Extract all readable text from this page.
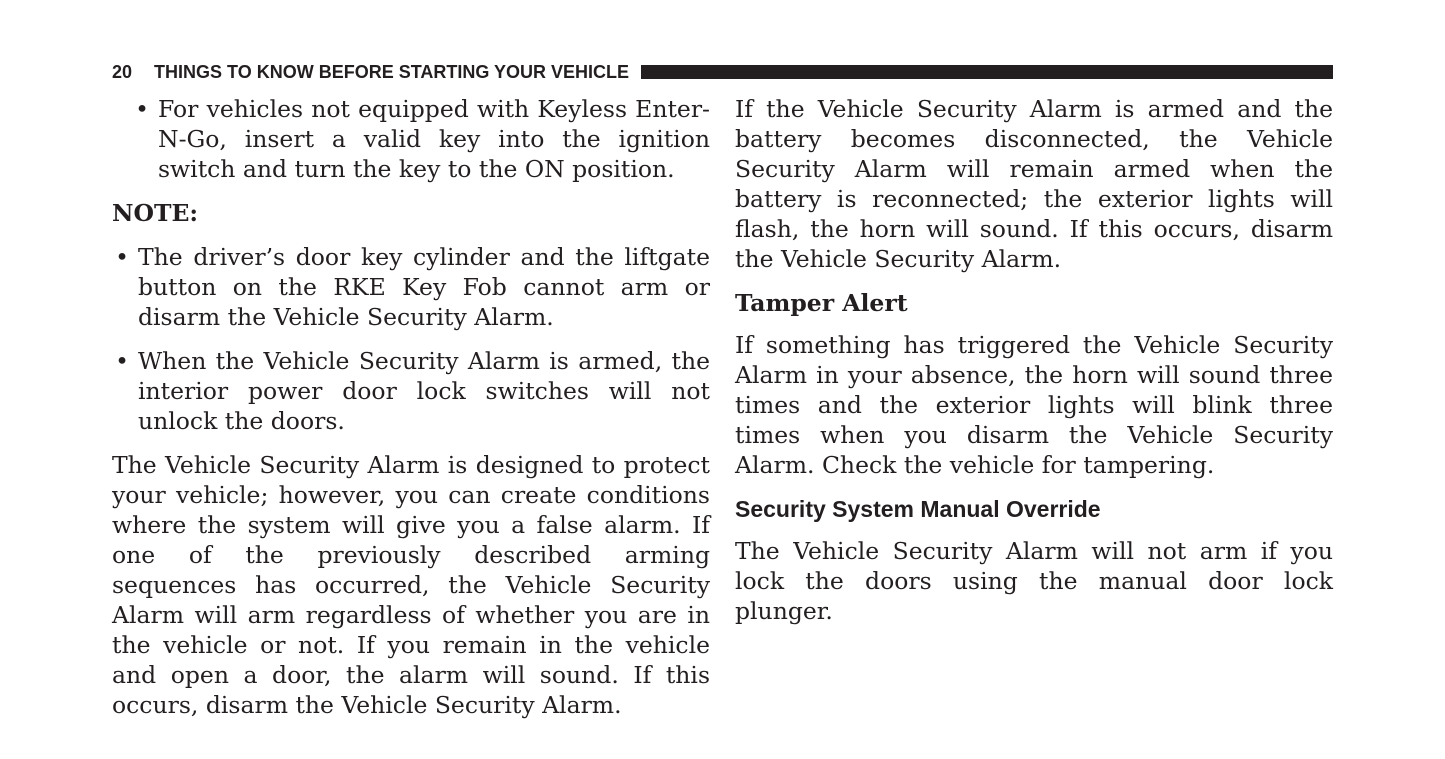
20 THINGS TO KNOW BEFORE STARTING YOUR VEHICLE

• For vehicles not equipped with Keyless Enter-N-Go, insert a valid key into the ignition switch and turn the key to the ON position.

NOTE:

• The driver’s door key cylinder and the liftgate button on the RKE Key Fob cannot arm or disarm the Vehicle Security Alarm.

• When the Vehicle Security Alarm is armed, the interior power door lock switches will not unlock the doors.

The Vehicle Security Alarm is designed to protect your vehicle; however, you can create conditions where the system will give you a false alarm. If one of the previously described arming sequences has occurred, the Vehicle Security Alarm will arm regardless of whether you are in the vehicle or not. If you remain in the vehicle and open a door, the alarm will sound. If this occurs, disarm the Vehicle Security Alarm.

If the Vehicle Security Alarm is armed and the battery becomes disconnected, the Vehicle Security Alarm will remain armed when the battery is reconnected; the exterior lights will flash, the horn will sound. If this occurs, disarm the Vehicle Security Alarm.

Tamper Alert

If something has triggered the Vehicle Security Alarm in your absence, the horn will sound three times and the exterior lights will blink three times when you disarm the Vehicle Security Alarm. Check the vehicle for tampering.

Security System Manual Override

The Vehicle Security Alarm will not arm if you lock the doors using the manual door lock plunger.
